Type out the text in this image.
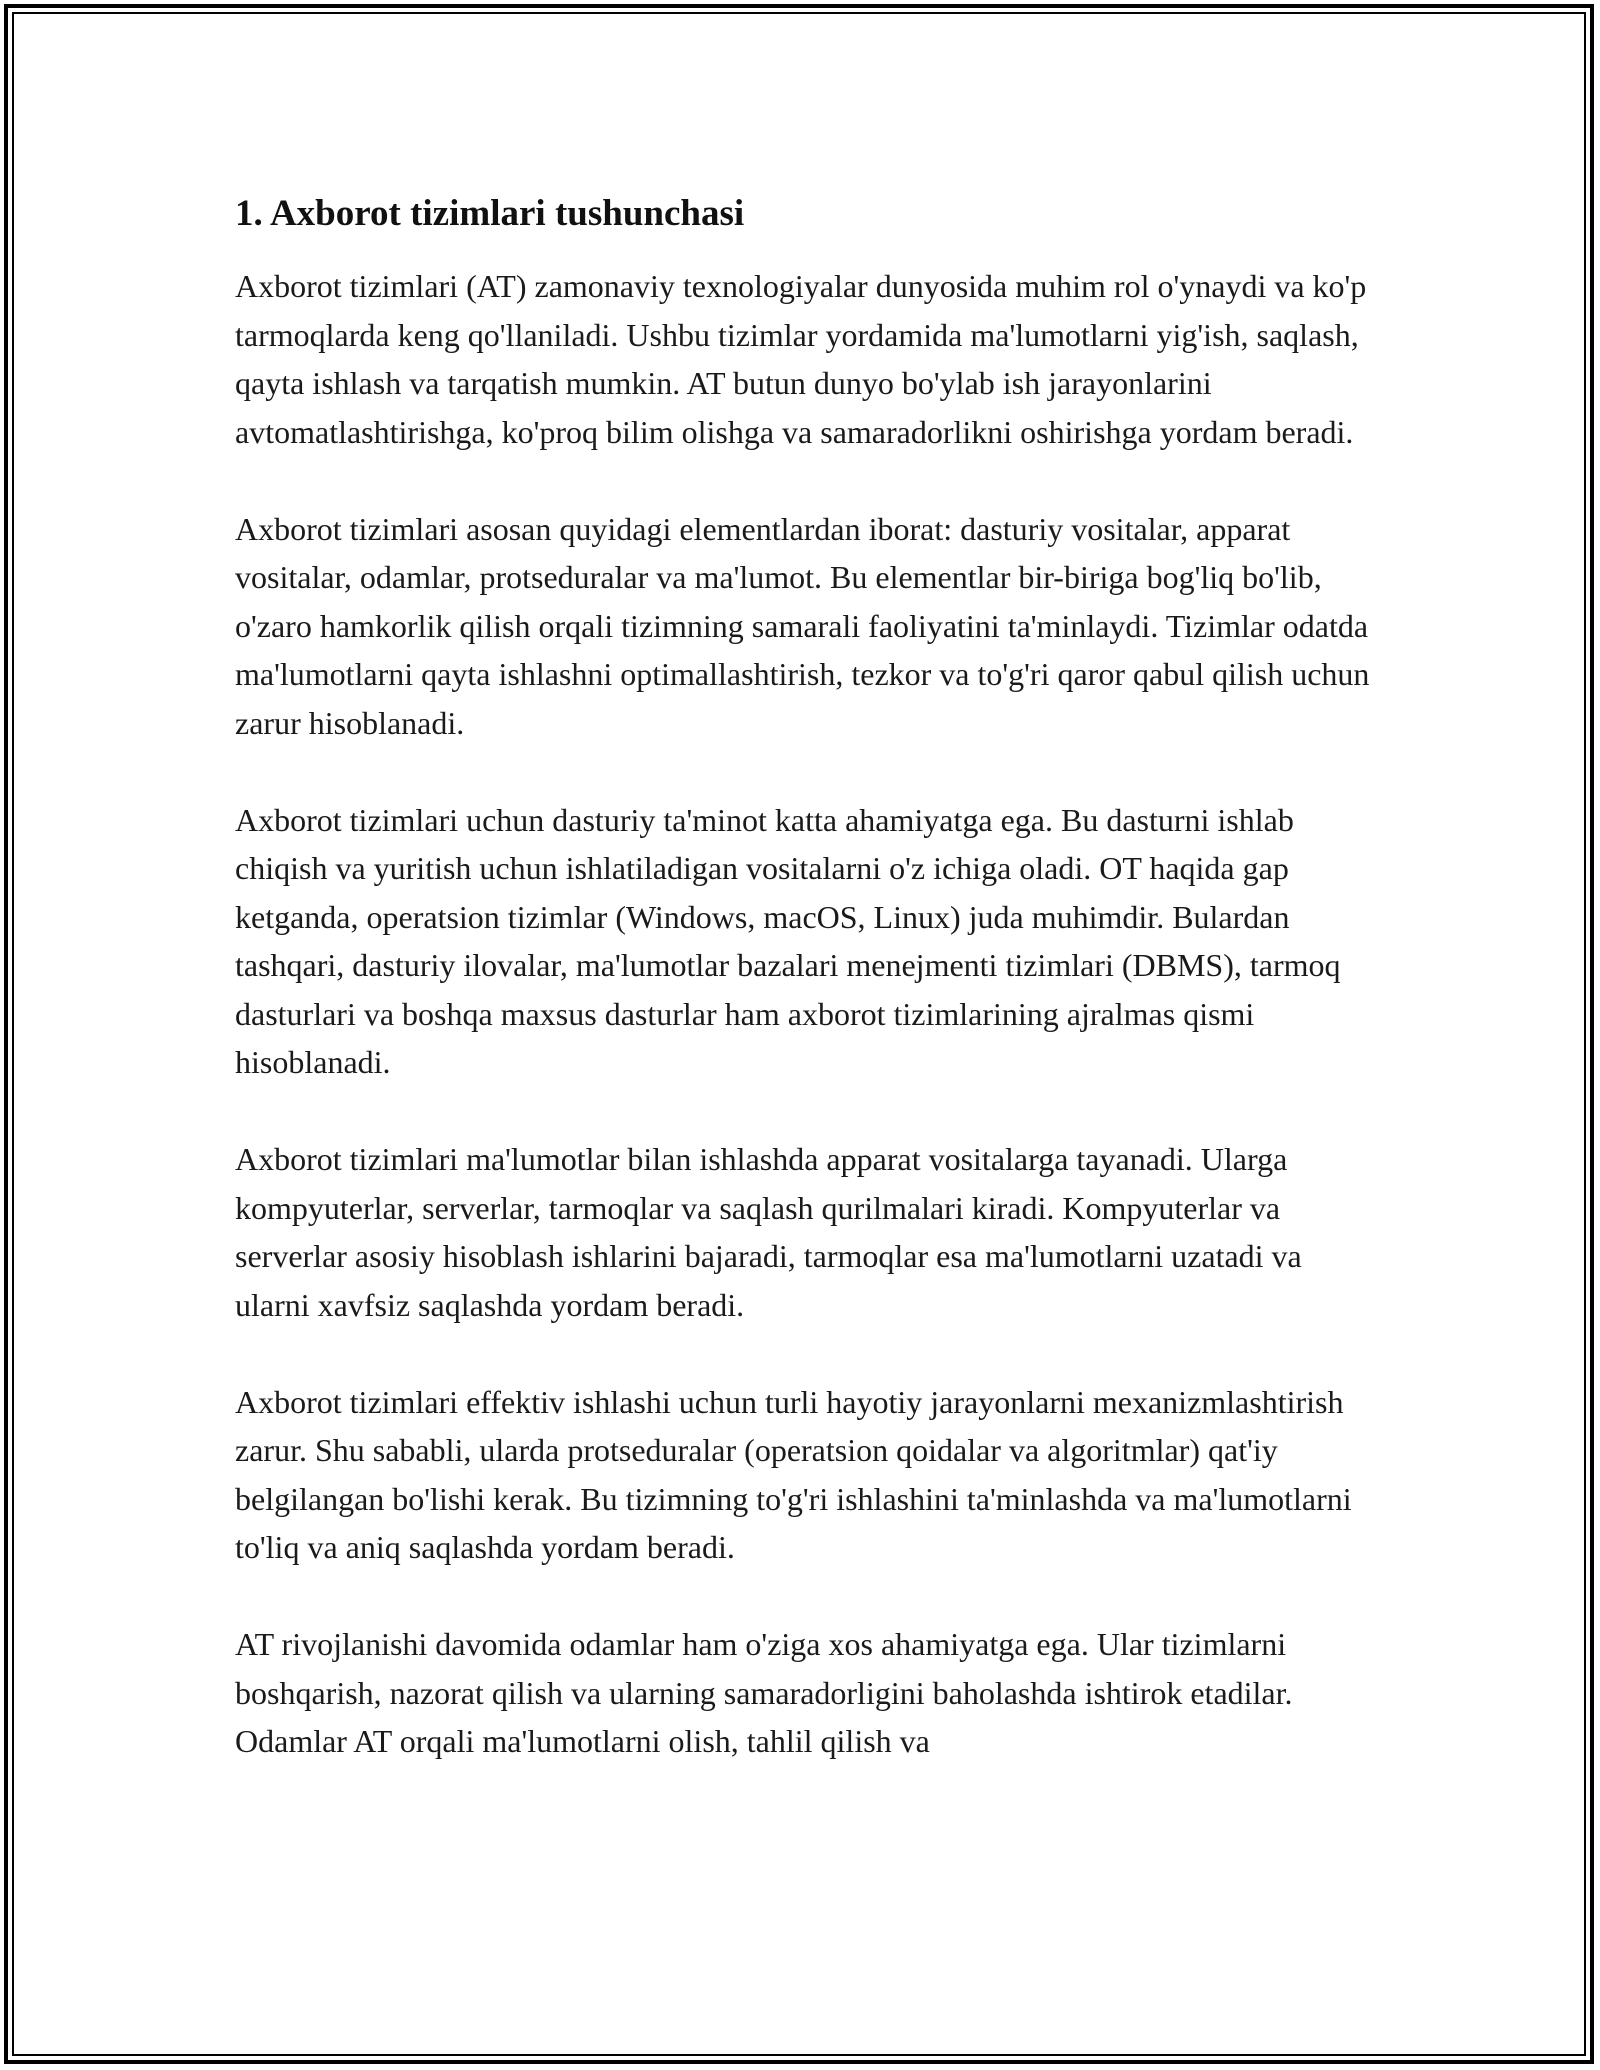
1. Axborot tizimlari tushunchasi

Axborot tizimlari (AT) zamonaviy texnologiyalar dunyosida muhim rol o'ynaydi va ko'p tarmoqlarda keng qo'llaniladi. Ushbu tizimlar yordamida ma'lumotlarni yig'ish, saqlash, qayta ishlash va tarqatish mumkin. AT butun dunyo bo'ylab ish jarayonlarini avtomatlashtirishga, ko'proq bilim olishga va samaradorlikni oshirishga yordam beradi.

Axborot tizimlari asosan quyidagi elementlardan iborat: dasturiy vositalar, apparat vositalar, odamlar, protseduralar va ma'lumot. Bu elementlar bir-biriga bog'liq bo'lib, o'zaro hamkorlik qilish orqali tizimning samarali faoliyatini ta'minlaydi. Tizimlar odatda ma'lumotlarni qayta ishlashni optimallashtirish, tezkor va to'g'ri qaror qabul qilish uchun zarur hisoblanadi.

Axborot tizimlari uchun dasturiy ta'minot katta ahamiyatga ega. Bu dasturni ishlab chiqish va yuritish uchun ishlatiladigan vositalarni o'z ichiga oladi. OT haqida gap ketganda, operatsion tizimlar (Windows, macOS, Linux) juda muhimdir. Bulardan tashqari, dasturiy ilovalar, ma'lumotlar bazalari menejmenti tizimlari (DBMS), tarmoq dasturlari va boshqa maxsus dasturlar ham axborot tizimlarining ajralmas qismi hisoblanadi.

Axborot tizimlari ma'lumotlar bilan ishlashda apparat vositalarga tayanadi. Ularga kompyuterlar, serverlar, tarmoqlar va saqlash qurilmalari kiradi. Kompyuterlar va serverlar asosiy hisoblash ishlarini bajaradi, tarmoqlar esa ma'lumotlarni uzatadi va ularni xavfsiz saqlashda yordam beradi.

Axborot tizimlari effektiv ishlashi uchun turli hayotiy jarayonlarni mexanizmlashtirish zarur. Shu sababli, ularda protseduralar (operatsion qoidalar va algoritmlar) qat'iy belgilangan bo'lishi kerak. Bu tizimning to'g'ri ishlashini ta'minlashda va ma'lumotlarni to'liq va aniq saqlashda yordam beradi.

AT rivojlanishi davomida odamlar ham o'ziga xos ahamiyatga ega. Ular tizimlarni boshqarish, nazorat qilish va ularning samaradorligini baholashda ishtirok etadilar. Odamlar AT orqali ma'lumotlarni olish, tahlil qilish va
